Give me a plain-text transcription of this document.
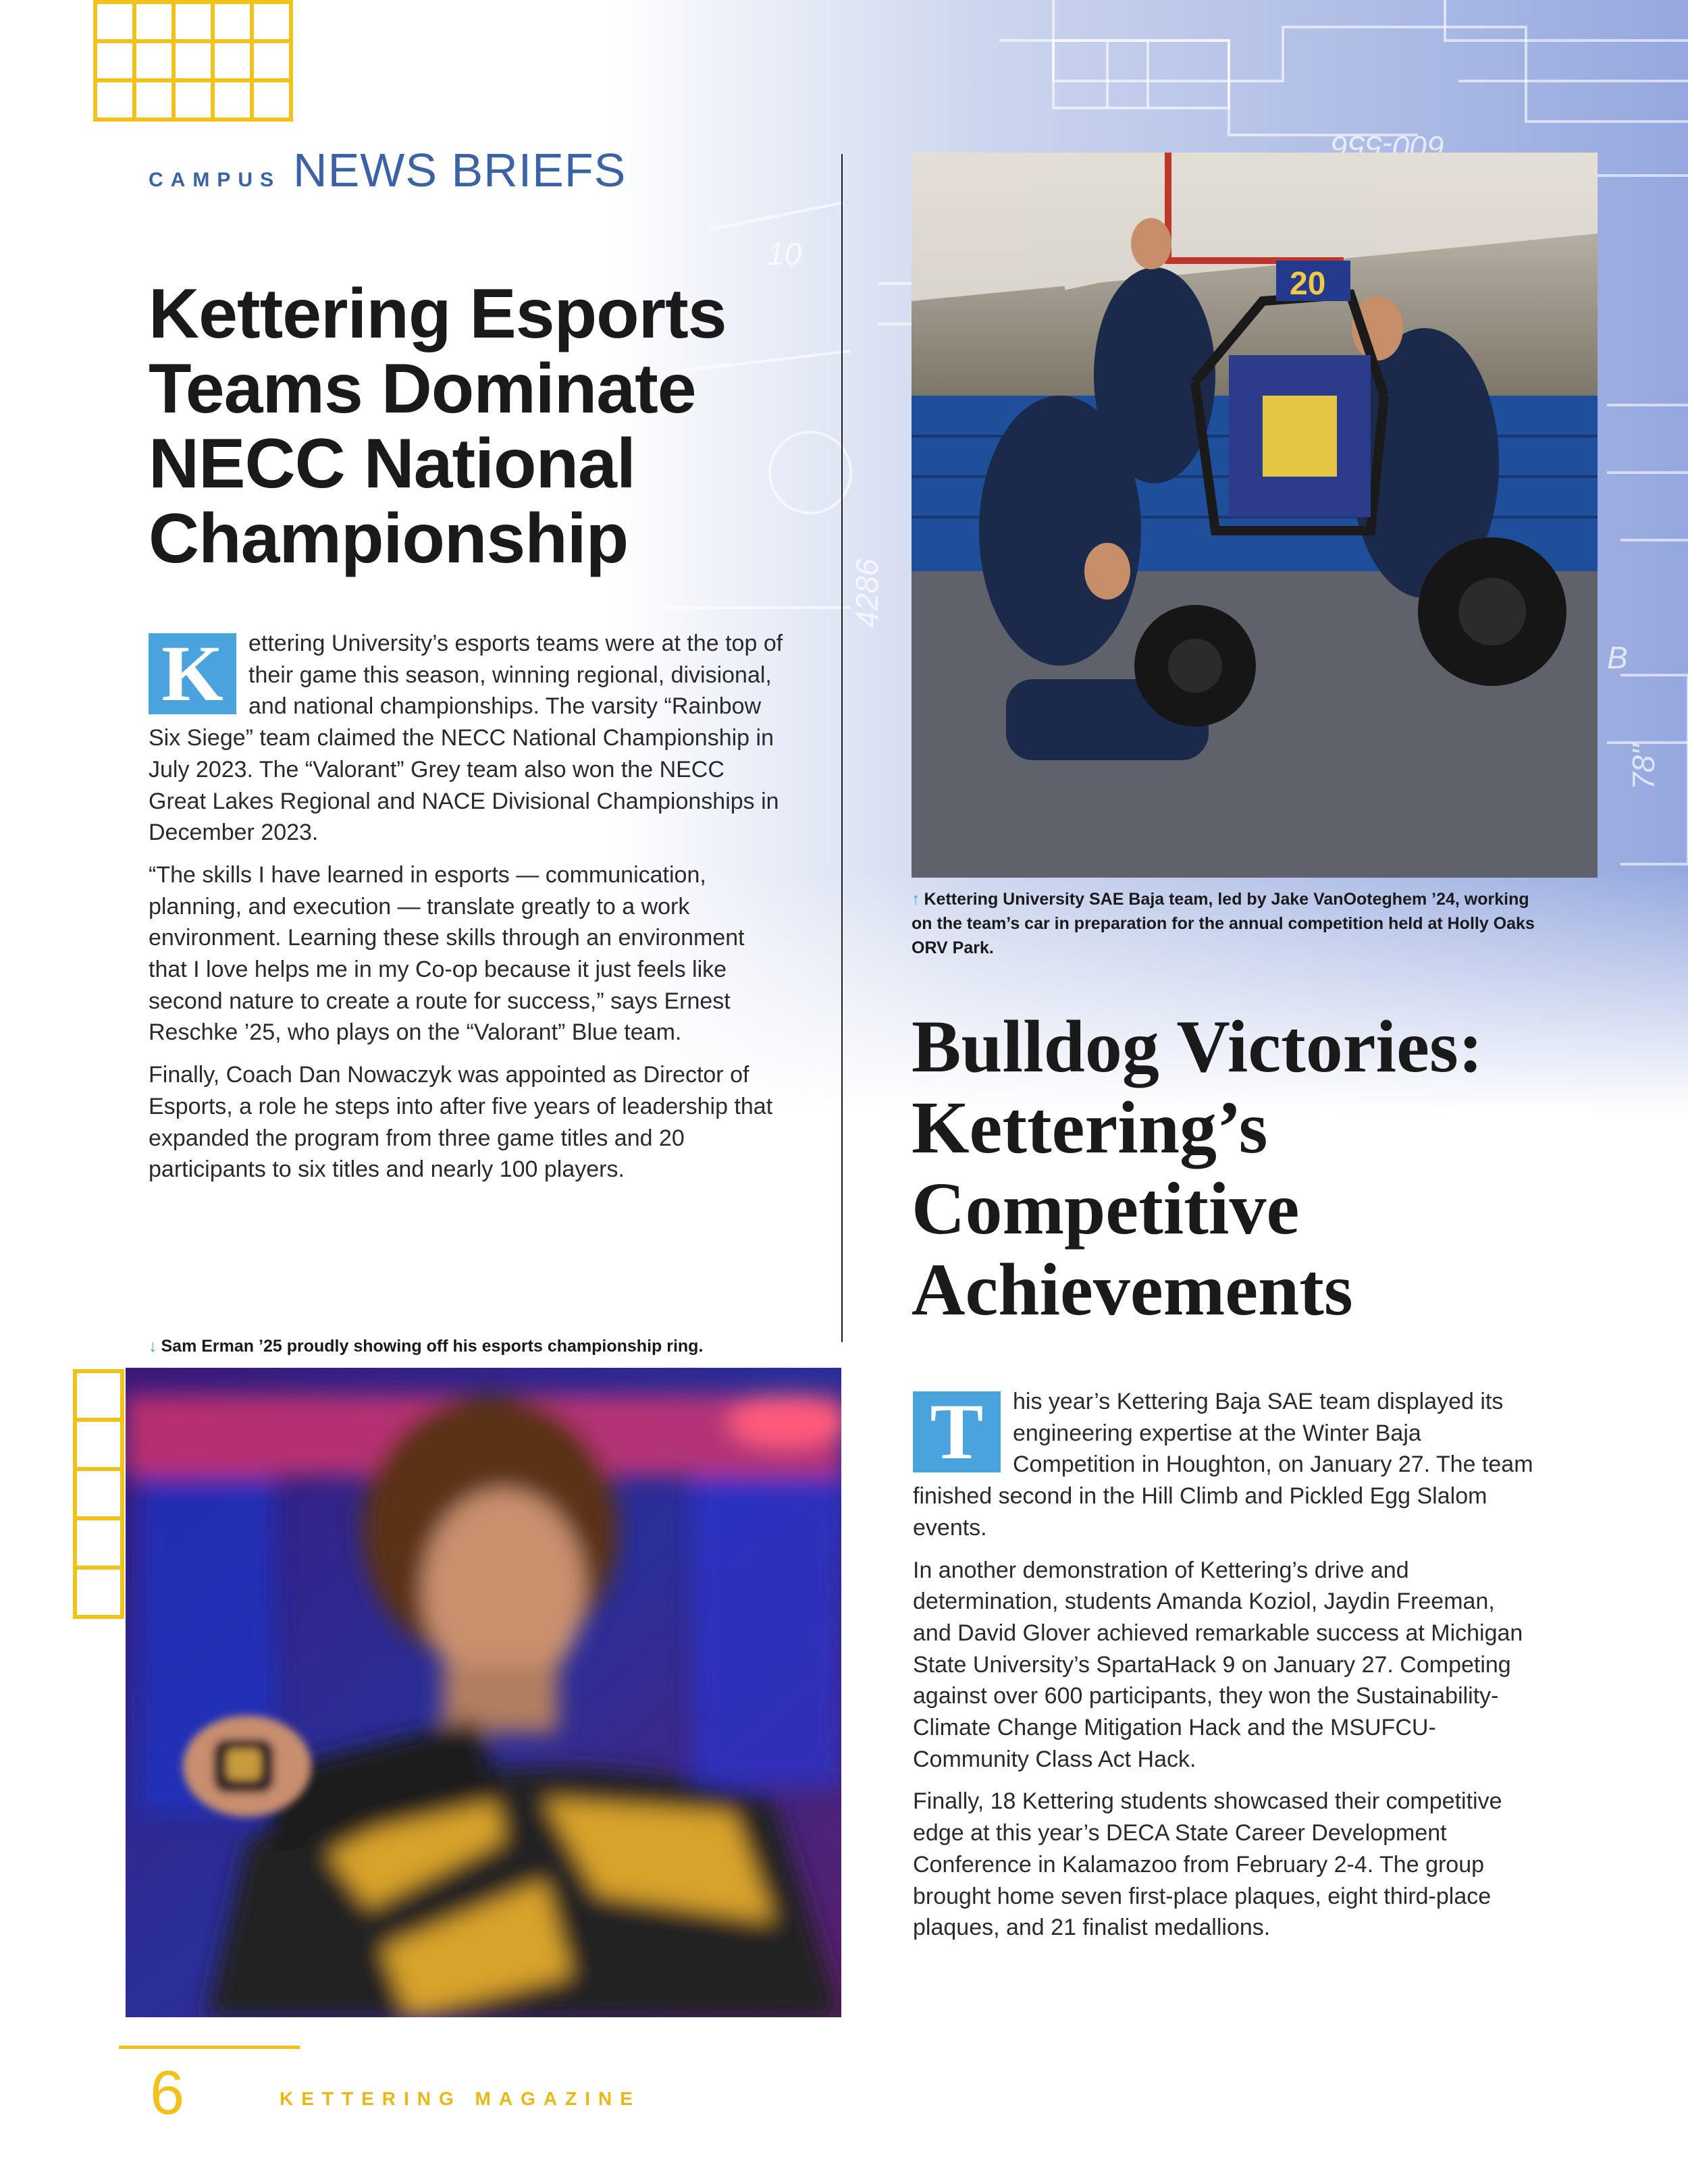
CAMPUS NEWS BRIEFS
Kettering Esports Teams Dominate NECC National Championship

K	ettering University’s esports teams were at the top of their game this season, winning regional, divisional, and national championships. The varsity “Rainbow Six Siege” team claimed the NECC National Championship in July 2023. The “Valorant” Grey team also won the NECC Great Lakes Regional and NACE Divisional Championships in December 2023.

“The skills I have learned in esports — communication, planning, and execution — translate greatly to a work environment. Learning these skills through an environment that I love helps me in my Co-op because it just feels like second nature to create a route for success,” says Ernest Reschke ’25, who plays on the “Valorant” Blue team.

Finally, Coach Dan Nowaczyk was appointed as Director of Esports, a role he steps into after five years of leadership that expanded the program from three game titles and 20 participants to six titles and nearly 100 players.

↓ Sam Erman ’25 proudly showing off his esports championship ring.
20
↑ Kettering University SAE Baja team, led by Jake VanOoteghem ’24, working on the team’s car in preparation for the annual competition held at Holly Oaks ORV Park.
Bulldog Victories: Kettering’s Competitive Achievements

T	his year’s Kettering Baja SAE team displayed its engineering expertise at the Winter Baja Competition in Houghton, on January 27. The team finished second in the Hill Climb and Pickled Egg Slalom events.

In another demonstration of Kettering’s drive and determination, students Amanda Koziol, Jaydin Freeman, and David Glover achieved remarkable success at Michigan State University’s SpartaHack 9 on January 27. Competing against over 600 participants, they won the Sustainability-Climate Change Mitigation Hack and the MSUFCU-Community Class Act Hack.

Finally, 18 Kettering students showcased their competitive edge at this year’s DECA State Career Development Conference in Kalamazoo from February 2-4. The group brought home seven first-place plaques, eight third-place plaques, and 21 finalist medallions.

6	KETTERING MAGAZINE
